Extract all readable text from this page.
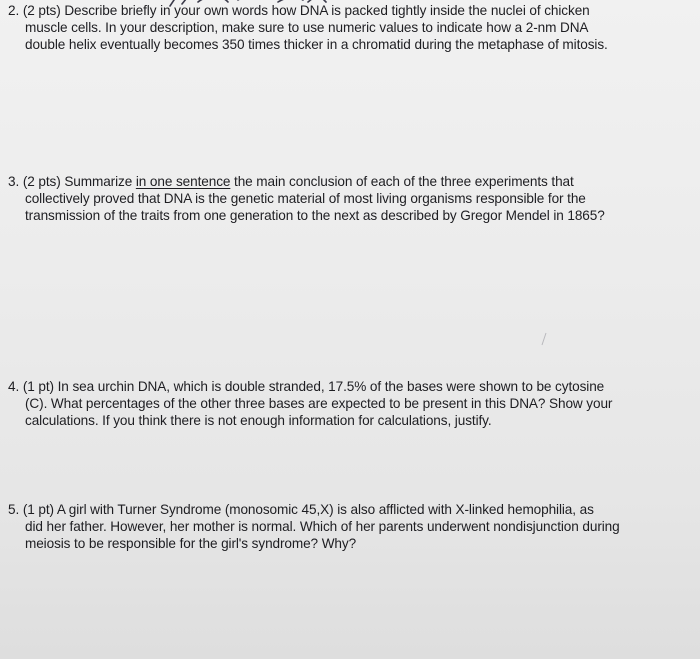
2. (2 pts) Describe briefly in your own words how DNA is packed tightly inside the nuclei of chicken
muscle cells. In your description, make sure to use numeric values to indicate how a 2-nm DNA
double helix eventually becomes 350 times thicker in a chromatid during the metaphase of mitosis.
3. (2 pts) Summarize in one sentence the main conclusion of each of the three experiments that
collectively proved that DNA is the genetic material of most living organisms responsible for the
transmission of the traits from one generation to the next as described by Gregor Mendel in 1865?
4. (1 pt) In sea urchin DNA, which is double stranded, 17.5% of the bases were shown to be cytosine
(C). What percentages of the other three bases are expected to be present in this DNA? Show your
calculations. If you think there is not enough information for calculations, justify.
5. (1 pt) A girl with Turner Syndrome (monosomic 45,X) is also afflicted with X-linked hemophilia, as
did her father. However, her mother is normal. Which of her parents underwent nondisjunction during
meiosis to be responsible for the girl's syndrome? Why?
